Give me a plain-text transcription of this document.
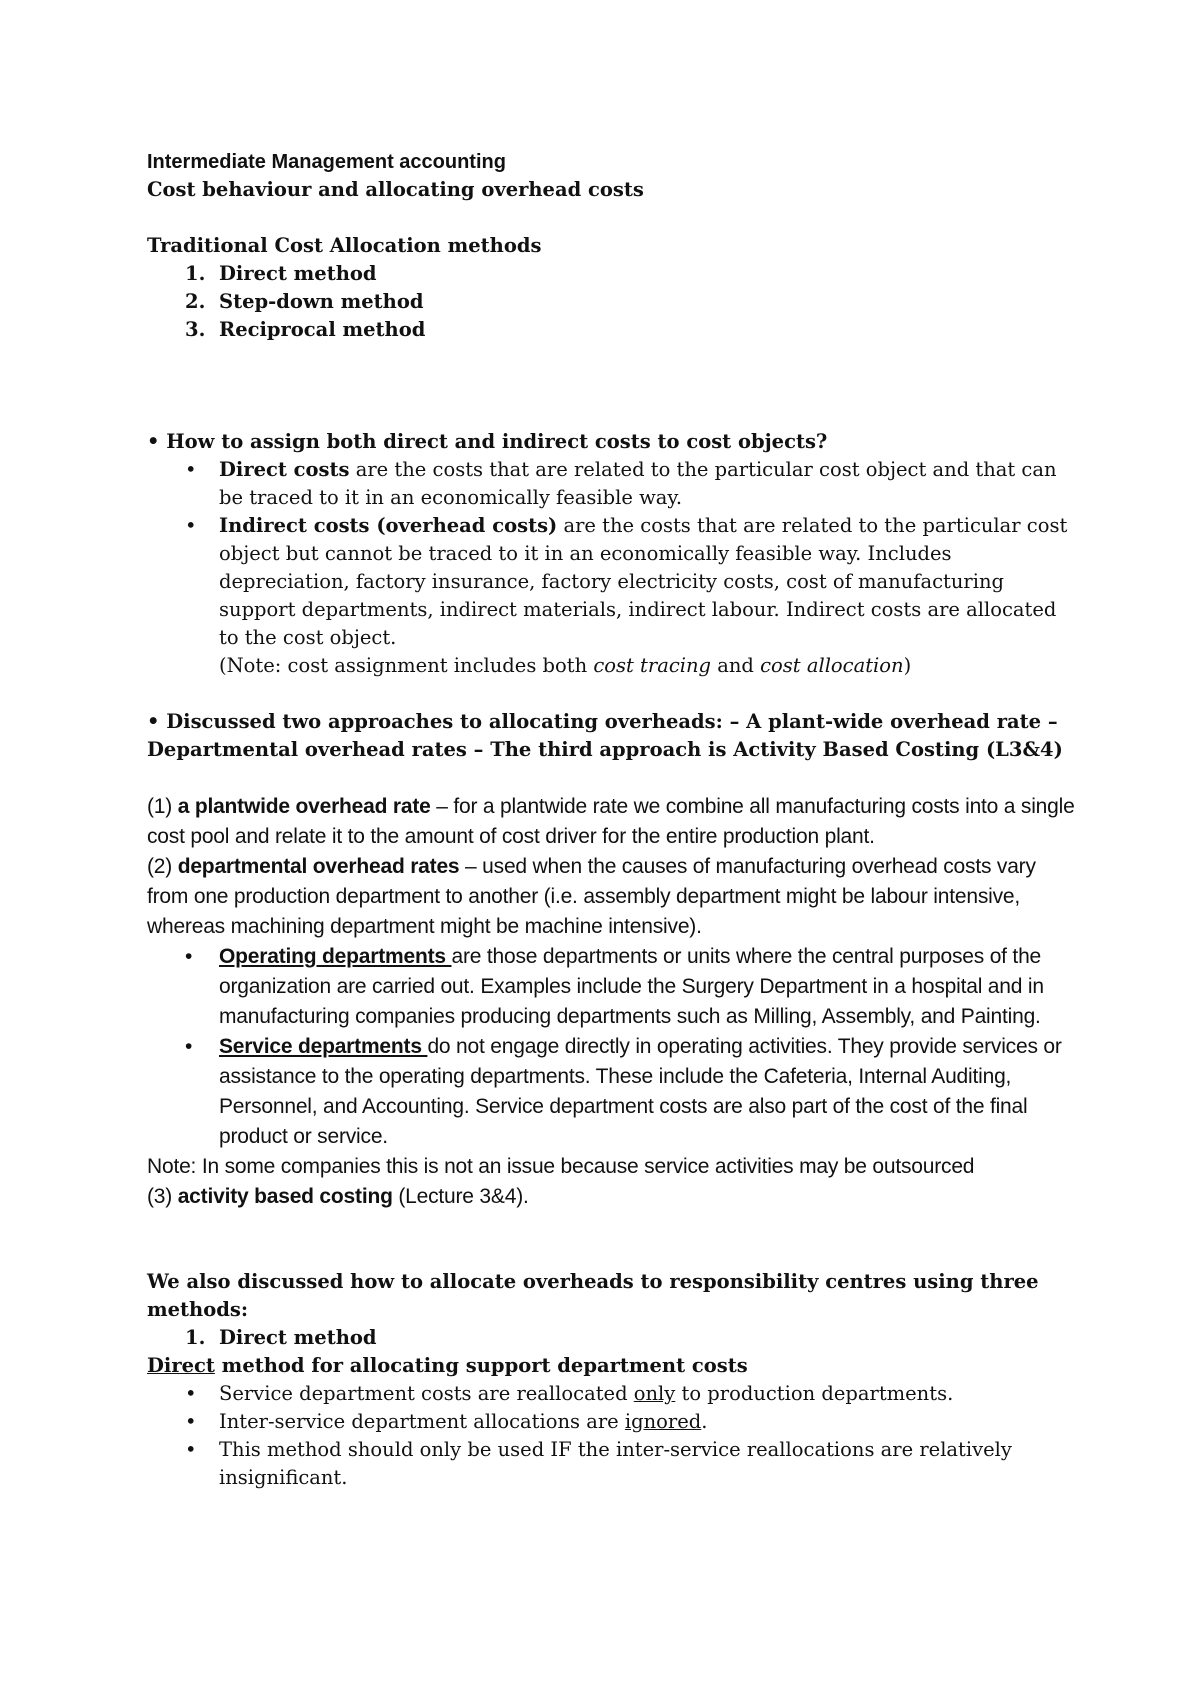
Intermediate Management accounting
Cost behaviour and allocating overhead costs
Traditional Cost Allocation methods
1. Direct method
2. Step-down method
3. Reciprocal method
• How to assign both direct and indirect costs to cost objects?
• Direct costs are the costs that are related to the particular cost object and that can be traced to it in an economically feasible way.
• Indirect costs (overhead costs) are the costs that are related to the particular cost object but cannot be traced to it in an economically feasible way. Includes depreciation, factory insurance, factory electricity costs, cost of manufacturing support departments, indirect materials, indirect labour. Indirect costs are allocated to the cost object.
(Note: cost assignment includes both cost tracing and cost allocation)
• Discussed two approaches to allocating overheads: – A plant-wide overhead rate – Departmental overhead rates – The third approach is Activity Based Costing (L3&4)
(1) a plantwide overhead rate – for a plantwide rate we combine all manufacturing costs into a single cost pool and relate it to the amount of cost driver for the entire production plant.
(2) departmental overhead rates – used when the causes of manufacturing overhead costs vary from one production department to another (i.e. assembly department might be labour intensive, whereas machining department might be machine intensive).
• Operating departments are those departments or units where the central purposes of the organization are carried out. Examples include the Surgery Department in a hospital and in manufacturing companies producing departments such as Milling, Assembly, and Painting.
• Service departments do not engage directly in operating activities. They provide services or assistance to the operating departments. These include the Cafeteria, Internal Auditing, Personnel, and Accounting. Service department costs are also part of the cost of the final product or service.
Note: In some companies this is not an issue because service activities may be outsourced
(3) activity based costing (Lecture 3&4).
We also discussed how to allocate overheads to responsibility centres using three methods:
1. Direct method
Direct method for allocating support department costs
• Service department costs are reallocated only to production departments.
• Inter-service department allocations are ignored.
• This method should only be used IF the inter-service reallocations are relatively insignificant.
